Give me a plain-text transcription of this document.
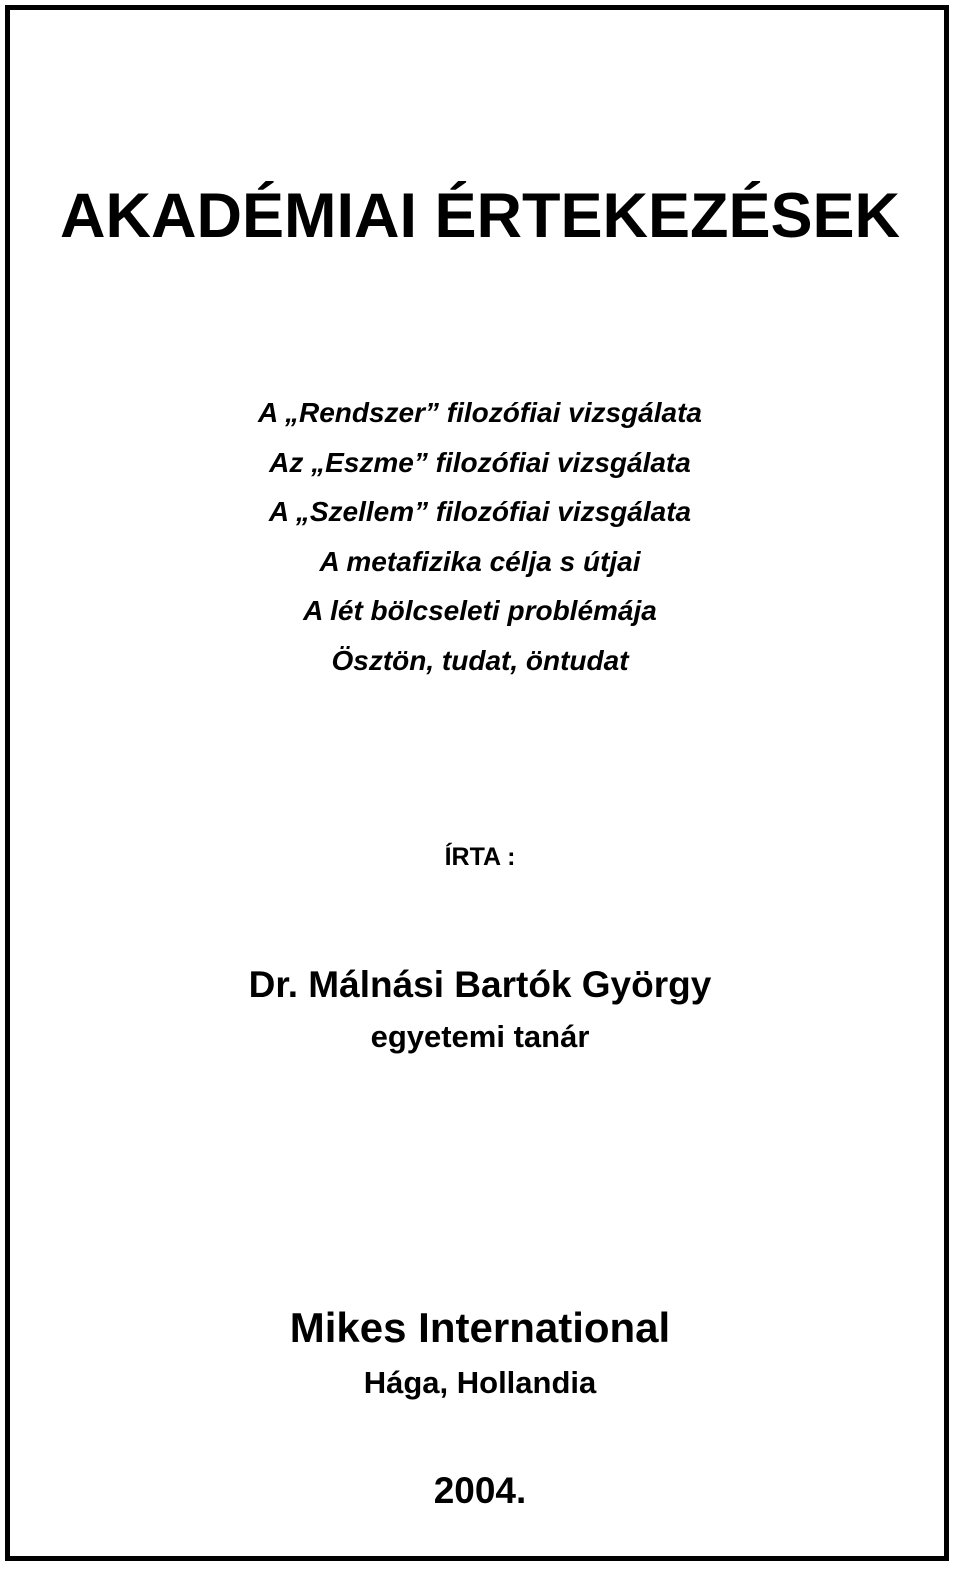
AKADÉMIAI ÉRTEKEZÉSEK
A „Rendszer” filozófiai vizsgálata
Az „Eszme” filozófiai vizsgálata
A „Szellem” filozófiai vizsgálata
A metafizika célja s útjai
A lét bölcseleti problémája
Ösztön, tudat, öntudat
ÍRTA :
Dr. Málnási Bartók György
egyetemi tanár
Mikes International
Hága, Hollandia
2004.
